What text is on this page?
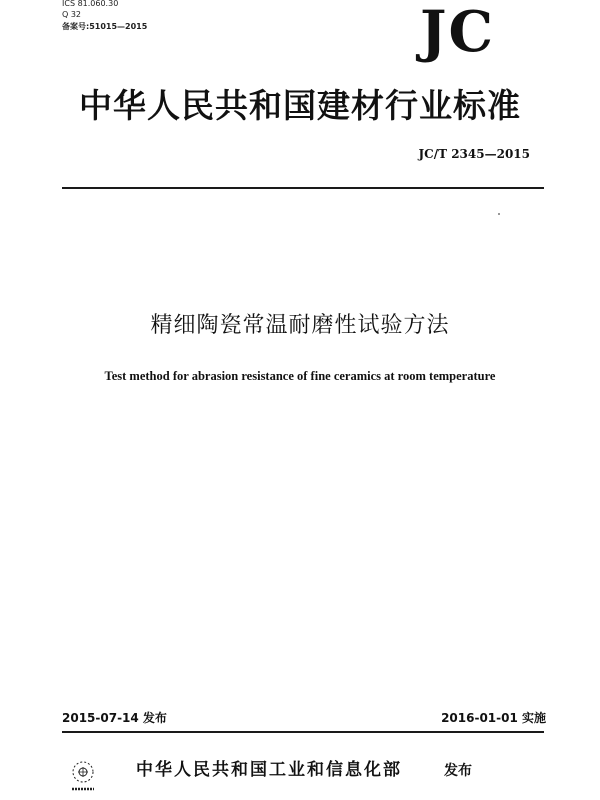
ICS 81.060.30
Q 32
备案号:51015—2015	JC
中华人民共和国建材行业标准
JC/T 2345—2015
精细陶瓷常温耐磨性试验方法
Test method for abrasion resistance of fine ceramics at room temperature
2015-07-14 发布	2016-01-01 实施
中华人民共和国工业和信息化部	发布
